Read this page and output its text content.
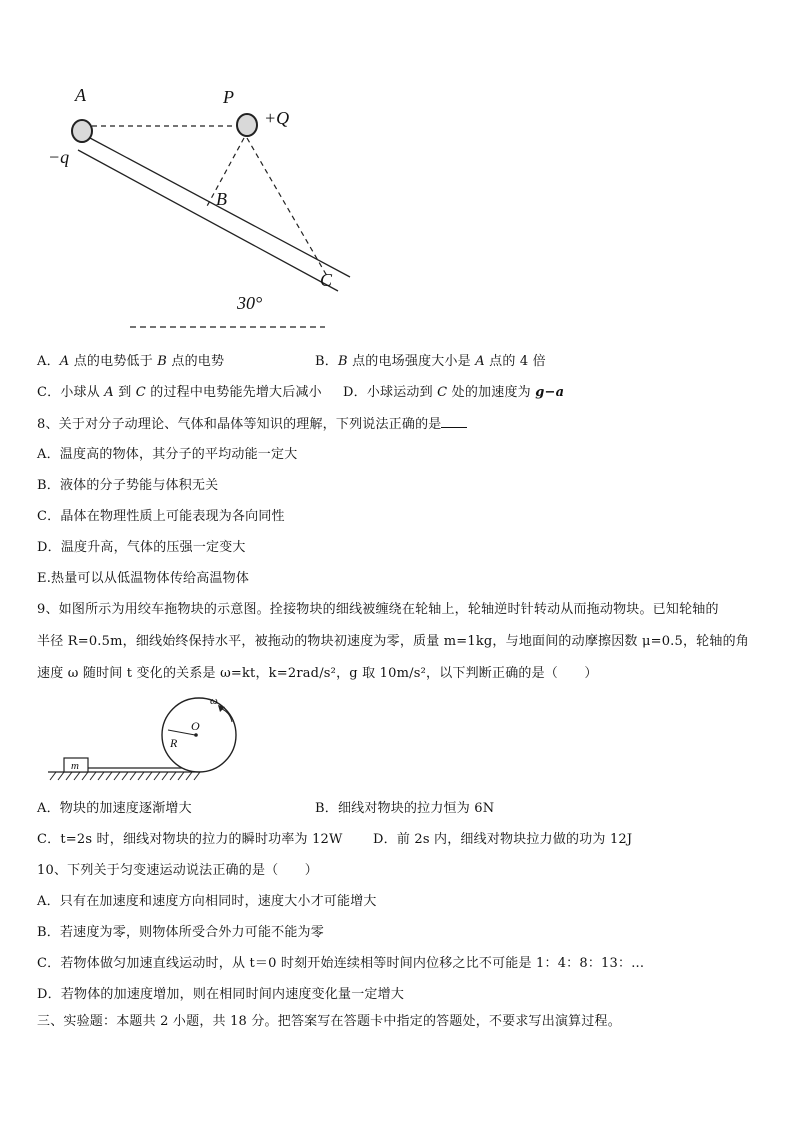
A	P
+Q
−q
B
C
30°
A．A 点的电势低于 B 点的电势	B．B 点的电场强度大小是 A 点的 4 倍
C．小球从 A 到 C 的过程中电势能先增大后减小 D．小球运动到 C 处的加速度为 g−a
8、关于对分子动理论、气体和晶体等知识的理解，下列说法正确的是
A．温度高的物体，其分子的平均动能一定大
B．液体的分子势能与体积无关
C．晶体在物理性质上可能表现为各向同性
D．温度升高，气体的压强一定变大
E.热量可以从低温物体传给高温物体
9、如图所示为用绞车拖物块的示意图。拴接物块的细线被缠绕在轮轴上，轮轴逆时针转动从而拖动物块。已知轮轴的
半径 R=0.5m，细线始终保持水平，被拖动的物块初速度为零，质量 m=1kg，与地面间的动摩擦因数 μ=0.5，轮轴的角
速度 ω 随时间 t 变化的关系是 ω=kt，k=2rad/s²，g 取 10m/s²，以下判断正确的是（　　）
m
R
O
ω
A．物块的加速度逐渐增大	B．细线对物块的拉力恒为 6N
C．t=2s 时，细线对物块的拉力的瞬时功率为 12W D．前 2s 内，细线对物块拉力做的功为 12J
10、下列关于匀变速运动说法正确的是（　　）
A．只有在加速度和速度方向相同时，速度大小才可能增大
B．若速度为零，则物体所受合外力可能不能为零
C．若物体做匀加速直线运动时，从 t＝0 时刻开始连续相等时间内位移之比不可能是 1：4：8：13：...
D．若物体的加速度增加，则在相同时间内速度变化量一定增大
三、实验题：本题共 2 小题，共 18 分。把答案写在答题卡中指定的答题处，不要求写出演算过程。
